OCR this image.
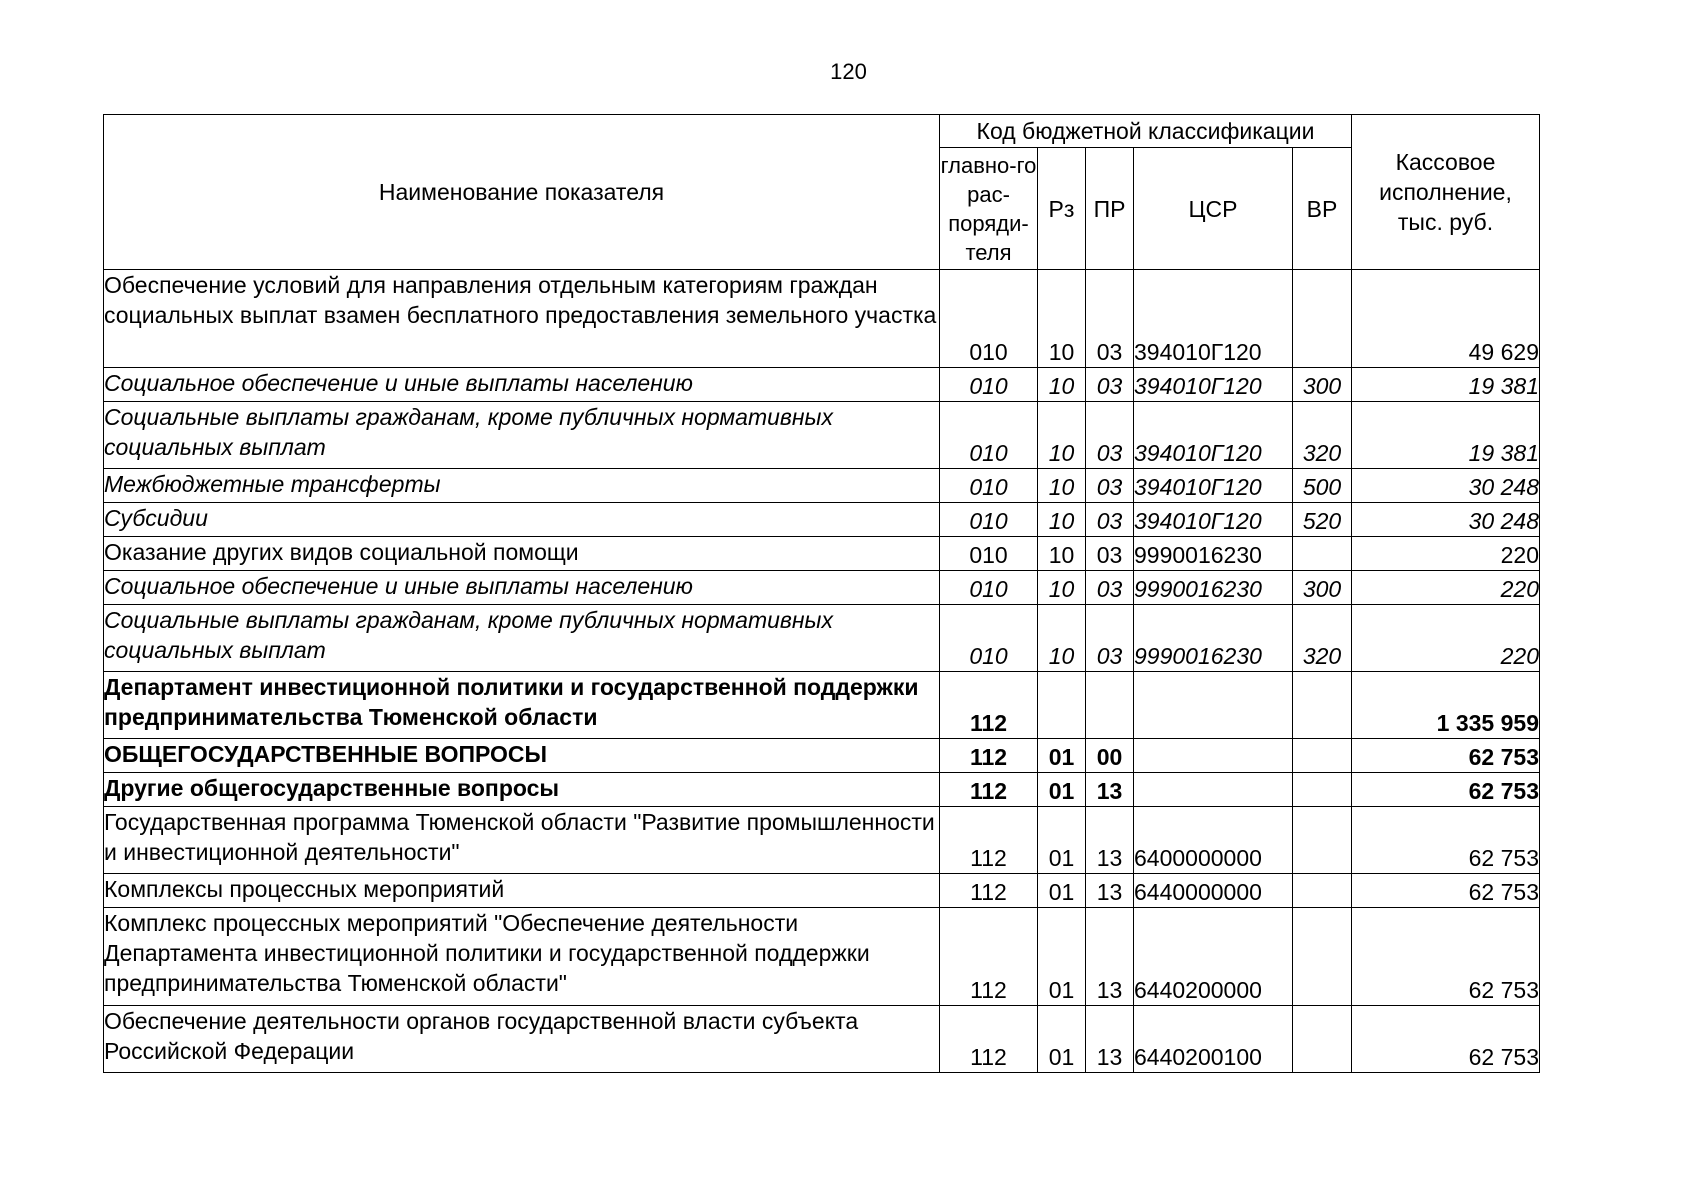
120
Наименование показателя	Код бюджетной классификации					Кассовое исполнение, тыс. руб.
	главно-го рас-поряди-теля	Рз	ПР	ЦСР	ВР	
Обеспечение условий для направления отдельным категориям граждан социальных выплат взамен бесплатного предоставления земельного участка	010	10	03	394010Г120		49 629
Социальное обеспечение и иные выплаты населению	010	10	03	394010Г120	300	19 381
Социальные выплаты гражданам, кроме публичных нормативных социальных выплат	010	10	03	394010Г120	320	19 381
Межбюджетные трансферты	010	10	03	394010Г120	500	30 248
Субсидии	010	10	03	394010Г120	520	30 248
Оказание других видов социальной помощи	010	10	03	9990016230		220
Социальное обеспечение и иные выплаты населению	010	10	03	9990016230	300	220
Социальные выплаты гражданам, кроме публичных нормативных социальных выплат	010	10	03	9990016230	320	220
Департамент инвестиционной политики и государственной поддержки предпринимательства Тюменской области	112					1 335 959
ОБЩЕГОСУДАРСТВЕННЫЕ ВОПРОСЫ	112	01	00			62 753
Другие общегосударственные вопросы	112	01	13			62 753
Государственная программа Тюменской области "Развитие промышленности и инвестиционной деятельности"	112	01	13	6400000000		62 753
Комплексы процессных мероприятий	112	01	13	6440000000		62 753
Комплекс процессных мероприятий "Обеспечение деятельности Департамента инвестиционной политики и государственной поддержки предпринимательства Тюменской области"	112	01	13	6440200000		62 753
Обеспечение деятельности органов государственной власти субъекта Российской Федерации	112	01	13	6440200100		62 753
